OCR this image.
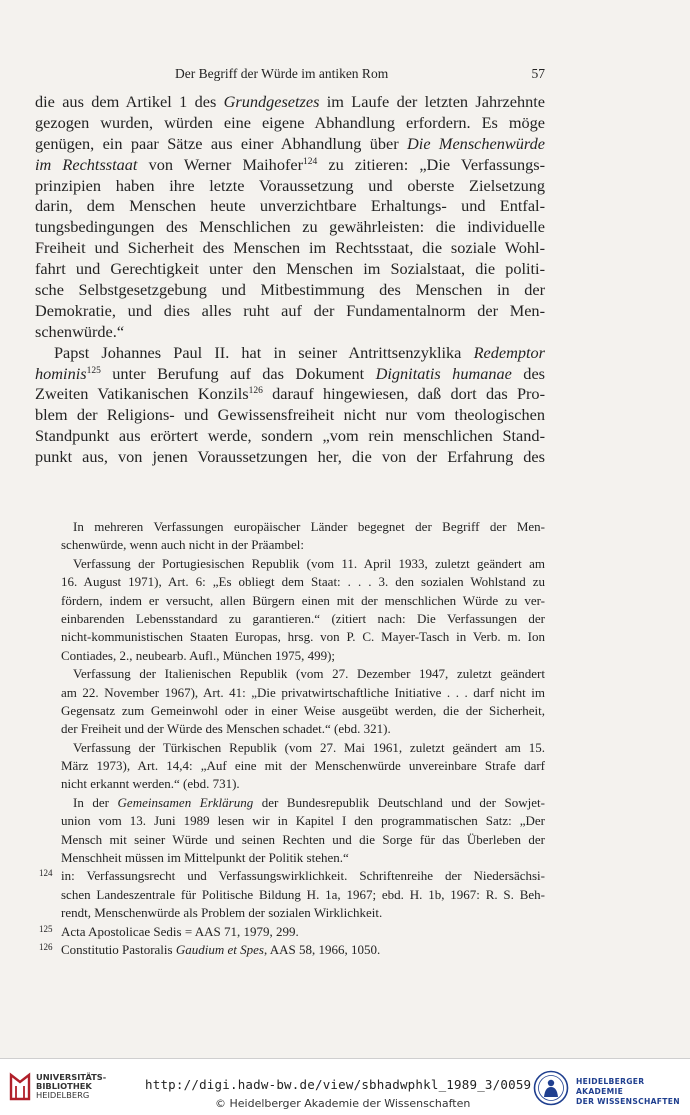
Der Begriff der Würde im antiken Rom	57
die aus dem Artikel 1 des Grundgesetzes im Laufe der letzten Jahrzehnte
gezogen wurden, würden eine eigene Abhandlung erfordern. Es möge
genügen, ein paar Sätze aus einer Abhandlung über Die Menschenwürde
im Rechtsstaat von Werner Maihofer$^{124}$ zu zitieren: „Die Verfassungs-
prinzipien haben ihre letzte Voraussetzung und oberste Zielsetzung
darin, dem Menschen heute unverzichtbare Erhaltungs- und Entfal-
tungsbedingungen des Menschlichen zu gewährleisten: die individuelle
Freiheit und Sicherheit des Menschen im Rechtsstaat, die soziale Wohl-
fahrt und Gerechtigkeit unter den Menschen im Sozialstaat, die politi-
sche Selbstgesetzgebung und Mitbestimmung des Menschen in der
Demokratie, und dies alles ruht auf der Fundamentalnorm der Men-
schenwürde.“
Papst Johannes Paul II. hat in seiner Antrittsenzyklika Redemptor
hominis$^{125}$ unter Berufung auf das Dokument Dignitatis humanae des
Zweiten Vatikanischen Konzils$^{126}$ darauf hingewiesen, daß dort das Pro-
blem der Religions- und Gewissensfreiheit nicht nur vom theologischen
Standpunkt aus erörtert werde, sondern „vom rein menschlichen Stand-
punkt aus, von jenen Voraussetzungen her, die von der Erfahrung des
In mehreren Verfassungen europäischer Länder begegnet der Begriff der Men-
schenwürde, wenn auch nicht in der Präambel:
Verfassung der Portugiesischen Republik (vom 11. April 1933, zuletzt geändert am
16. August 1971), Art. 6: „Es obliegt dem Staat: . . . 3. den sozialen Wohlstand zu
fördern, indem er versucht, allen Bürgern einen mit der menschlichen Würde zu ver-
einbarenden Lebensstandard zu garantieren.“ (zitiert nach: Die Verfassungen der
nicht-kommunistischen Staaten Europas, hrsg. von P. C. Mayer-Tasch in Verb. m. Ion
Contiades, 2., neubearb. Aufl., München 1975, 499);
Verfassung der Italienischen Republik (vom 27. Dezember 1947, zuletzt geändert
am 22. November 1967), Art. 41: „Die privatwirtschaftliche Initiative . . . darf nicht im
Gegensatz zum Gemeinwohl oder in einer Weise ausgeübt werden, die der Sicherheit,
der Freiheit und der Würde des Menschen schadet.“ (ebd. 321).
Verfassung der Türkischen Republik (vom 27. Mai 1961, zuletzt geändert am 15.
März 1973), Art. 14,4: „Auf eine mit der Menschenwürde unvereinbare Strafe darf
nicht erkannt werden.“ (ebd. 731).
In der Gemeinsamen Erklärung der Bundesrepublik Deutschland und der Sowjet-
union vom 13. Juni 1989 lesen wir in Kapitel I den programmatischen Satz: „Der
Mensch mit seiner Würde und seinen Rechten und die Sorge für das Überleben der
Menschheit müssen im Mittelpunkt der Politik stehen.“
124 in: Verfassungsrecht und Verfassungswirklichkeit. Schriftenreihe der Niedersächsi-
schen Landeszentrale für Politische Bildung H. 1a, 1967; ebd. H. 1b, 1967: R. S. Beh-
rendt, Menschenwürde als Problem der sozialen Wirklichkeit.
125 Acta Apostolicae Sedis = AAS 71, 1979, 299.
126 Constitutio Pastoralis Gaudium et Spes, AAS 58, 1966, 1050.
UNIVERSITÄTS-
BIBLIOTHEK
HEIDELBERG
http://digi.hadw-bw.de/view/sbhadwphkl_1989_3/0059
© Heidelberger Akademie der Wissenschaften
HEIDELBERGER AKADEMIE
DER WISSENSCHAFTEN
